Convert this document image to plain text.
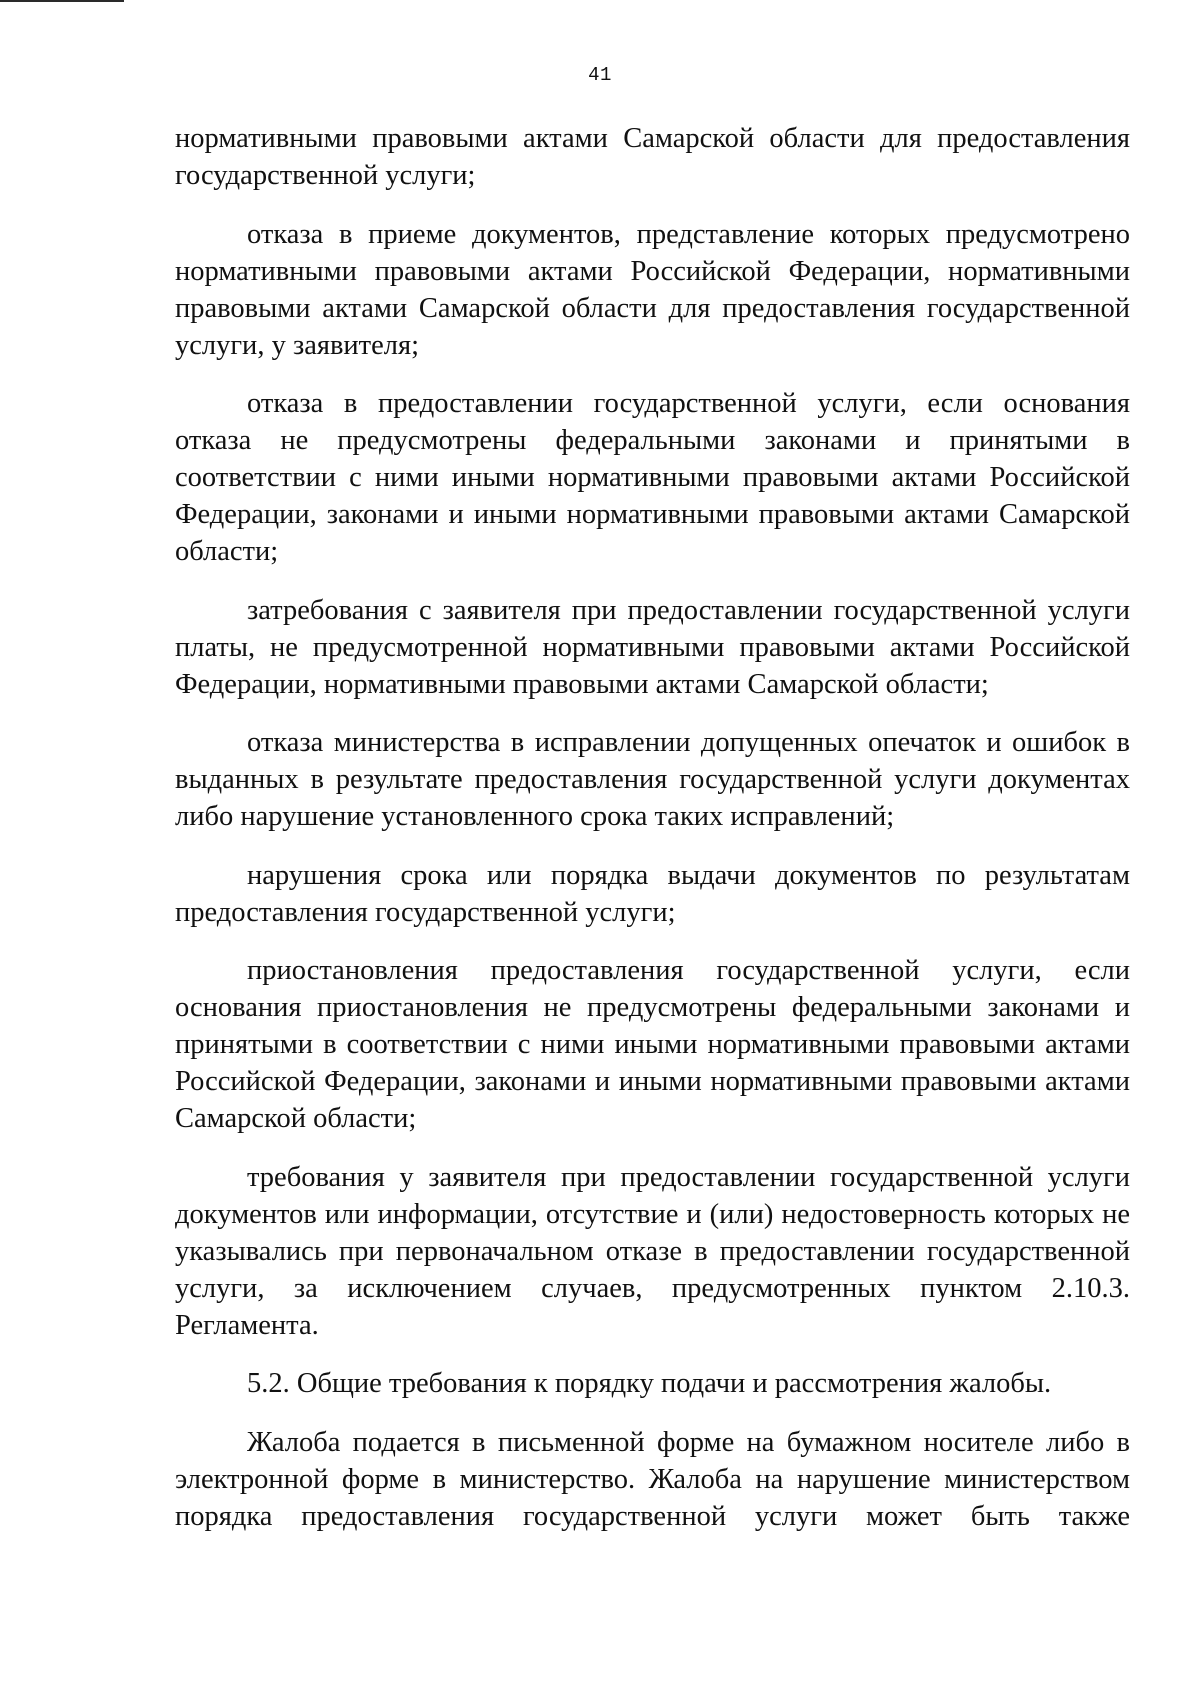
41

нормативными правовыми актами Самарской области для предоставления государственной услуги;

отказа в приеме документов, представление которых предусмотрено нормативными правовыми актами Российской Федерации, нормативными правовыми актами Самарской области для предоставления государственной услуги, у заявителя;

отказа в предоставлении государственной услуги, если основания отказа не предусмотрены федеральными законами и принятыми в соответствии с ними иными нормативными правовыми актами Российской Федерации, законами и иными нормативными правовыми актами Самарской области;

затребования с заявителя при предоставлении государственной услуги платы, не предусмотренной нормативными правовыми актами Российской Федерации, нормативными правовыми актами Самарской области;

отказа министерства в исправлении допущенных опечаток и ошибок в выданных в результате предоставления государственной услуги документах либо нарушение установленного срока таких исправлений;

нарушения срока или порядка выдачи документов по результатам предоставления государственной услуги;

приостановления предоставления государственной услуги, если основания приостановления не предусмотрены федеральными законами и принятыми в соответствии с ними иными нормативными правовыми актами Российской Федерации, законами и иными нормативными правовыми актами Самарской области;

требования у заявителя при предоставлении государственной услуги документов или информации, отсутствие и (или) недостоверность которых не указывались при первоначальном отказе в предоставлении государственной услуги, за исключением случаев, предусмотренных пунктом 2.10.3. Регламента.

5.2. Общие требования к порядку подачи и рассмотрения жалобы.

Жалоба подается в письменной форме на бумажном носителе либо в электронной форме в министерство. Жалоба на нарушение министерством порядка предоставления государственной услуги может быть также
